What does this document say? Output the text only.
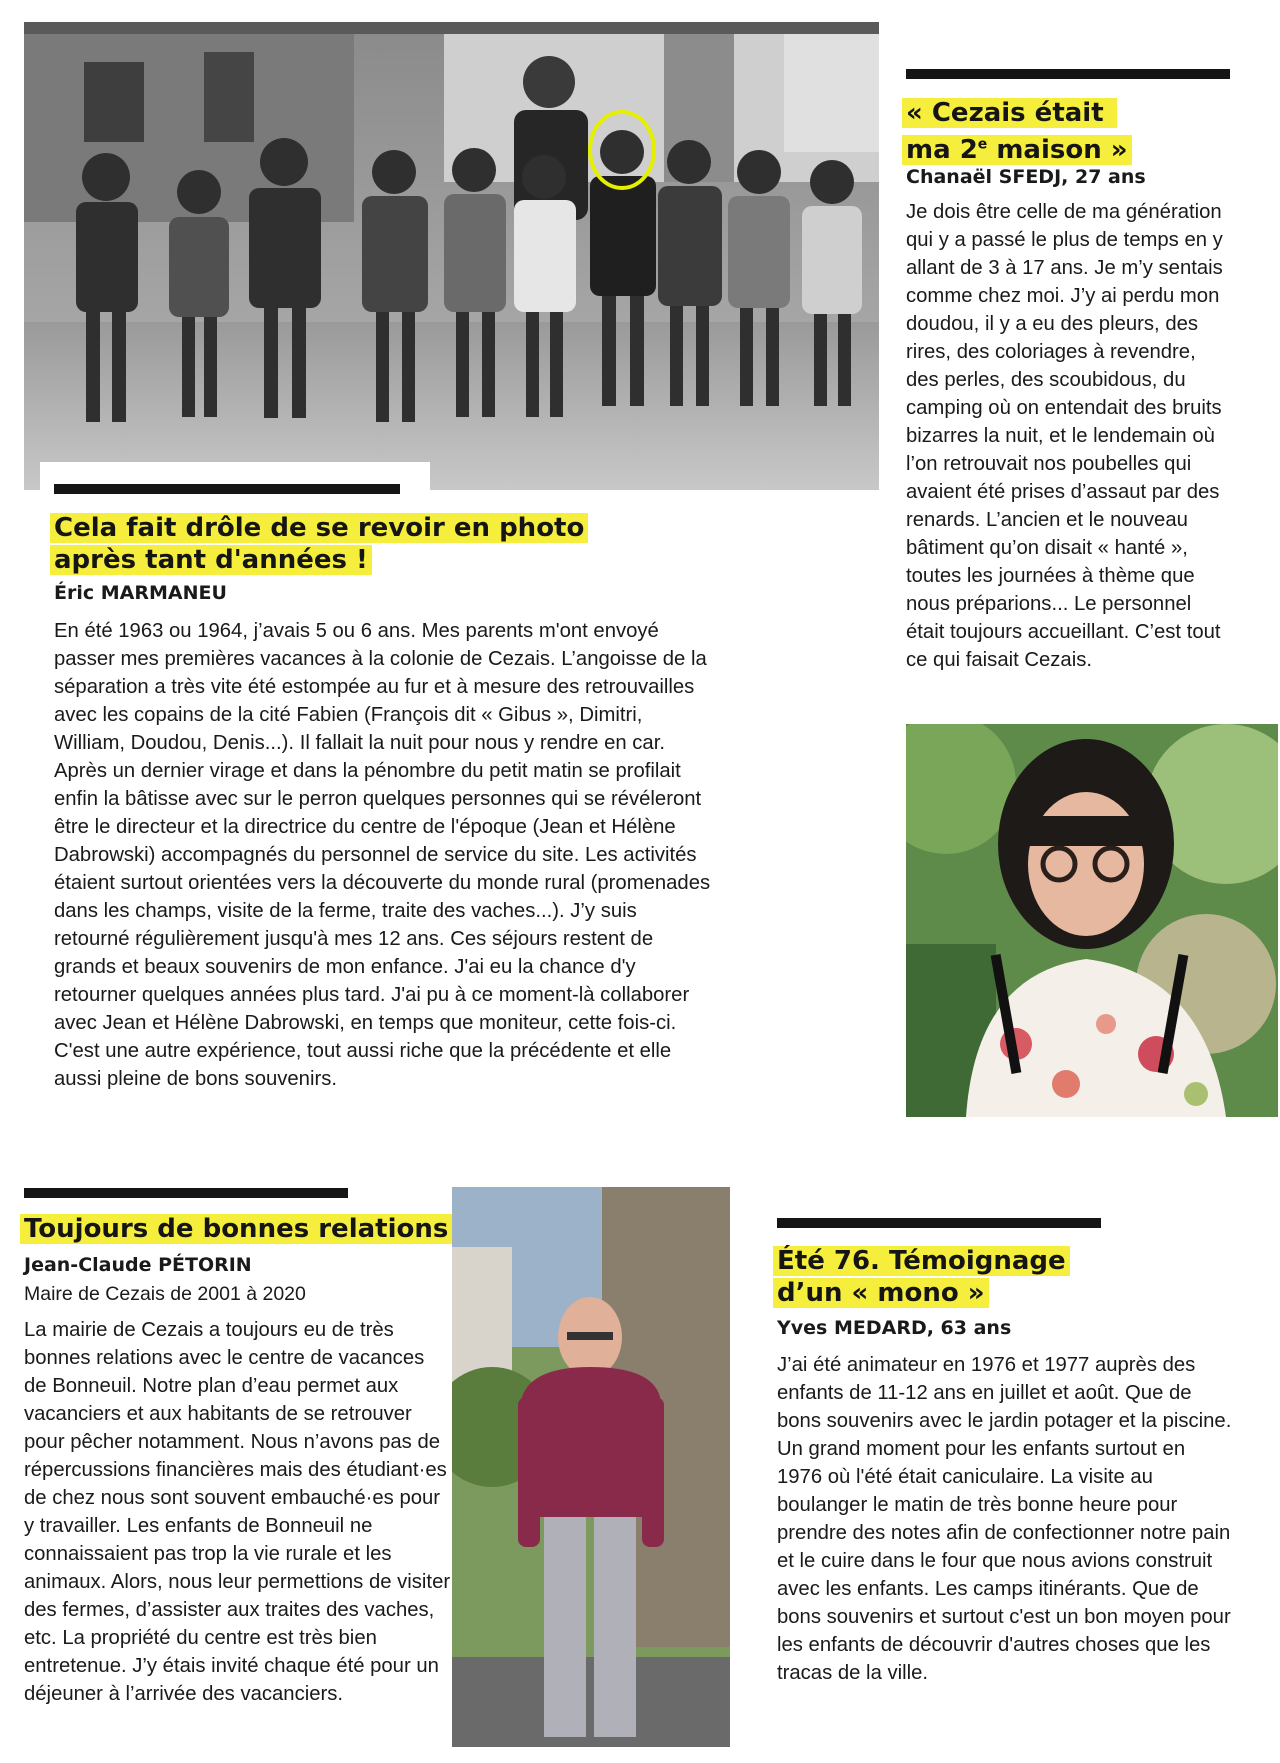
Cela fait drôle de se revoir en photo après tant d'années !
Éric MARMANEU
En été 1963 ou 1964, j’avais 5 ou 6 ans. Mes parents m'ont envoyé passer mes premières vacances à la colonie de Cezais. L’angoisse de la séparation a très vite été estompée au fur et à mesure des retrouvailles avec les copains de la cité Fabien (François dit « Gibus », Dimitri, William, Doudou, Denis...). Il fallait la nuit pour nous y rendre en car. Après un dernier virage et dans la pénombre du petit matin se profilait enfin la bâtisse avec sur le perron quelques personnes qui se révéleront être le directeur et la directrice du centre de l'époque (Jean et Hélène Dabrowski) accompagnés du personnel de service du site. Les activités étaient surtout orientées vers la découverte du monde rural (promenades dans les champs, visite de la ferme, traite des vaches...). J’y suis retourné régulièrement jusqu'à mes 12 ans. Ces séjours restent de grands et beaux souvenirs de mon enfance. J'ai eu la chance d'y retourner quelques années plus tard. J'ai pu à ce moment-là collaborer avec Jean et Hélène Dabrowski, en temps que moniteur, cette fois-ci. C'est une autre expérience, tout aussi riche que la précédente et elle aussi pleine de bons souvenirs.
« Cezais était
ma 2e maison »
Chanaël SFEDJ, 27 ans
Je dois être celle de ma génération qui y a passé le plus de temps en y allant de 3 à 17 ans. Je m’y sentais comme chez moi. J’y ai perdu mon doudou, il y a eu des pleurs, des rires, des coloriages à revendre, des perles, des scoubidous, du camping où on entendait des bruits bizarres la nuit, et le lendemain où l’on retrouvait nos poubelles qui avaient été prises d’assaut par des renards. L’ancien et le nouveau bâtiment qu’on disait « hanté », toutes les journées à thème que nous préparions... Le personnel était toujours accueillant. C’est tout ce qui faisait Cezais.
Toujours de bonnes relations
Jean-Claude PÉTORIN
Maire de Cezais de 2001 à 2020
La mairie de Cezais a toujours eu de très bonnes relations avec le centre de vacances de Bonneuil. Notre plan d’eau permet aux vacanciers et aux habitants de se retrouver pour pêcher notamment. Nous n’avons pas de répercussions financières mais des étudiant·es de chez nous sont souvent embauché·es pour y travailler. Les enfants de Bonneuil ne connaissaient pas trop la vie rurale et les animaux. Alors, nous leur permettions de visiter des fermes, d’assister aux traites des vaches, etc. La propriété du centre est très bien entretenue. J’y étais invité chaque été pour un déjeuner à l’arrivée des vacanciers.
Été 76. Témoignage
d’un « mono »
Yves MEDARD, 63 ans
J’ai été animateur en 1976 et 1977 auprès des enfants de 11-12 ans en juillet et août. Que de bons souvenirs avec le jardin potager et la piscine. Un grand moment pour les enfants surtout en 1976 où l'été était caniculaire. La visite au boulanger le matin de très bonne heure pour prendre des notes afin de confectionner notre pain et le cuire dans le four que nous avions construit avec les enfants. Les camps itinérants. Que de bons souvenirs et surtout c'est un bon moyen pour les enfants de découvrir d'autres choses que les tracas de la ville.
